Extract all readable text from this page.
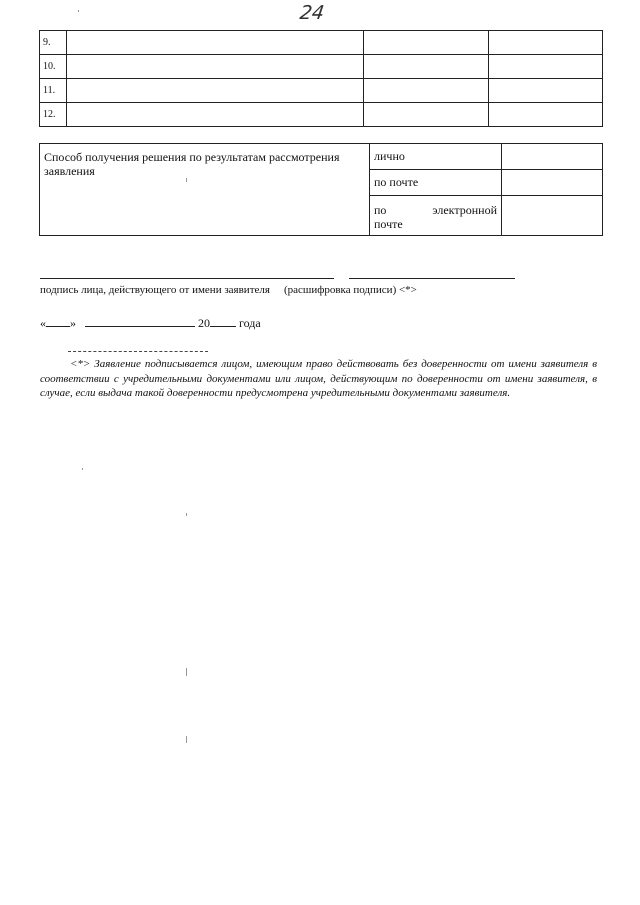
24
9.			
10.			
11.			
12.			
Способ получения решения по результатам рассмотрения заявления	лично	
	по почте	
	по электронной

почте	
подпись лица, действующего от имени заявителя (расшифровка подписи) <*>
« »	20 года
<*> Заявление подписывается лицом, имеющим право действовать без доверенности от имени заявителя в соответствии с учредительными документами или лицом, действующим по доверенности от имени заявителя, в случае, если выдача такой доверенности предусмотрена учредительными документами заявителя.
